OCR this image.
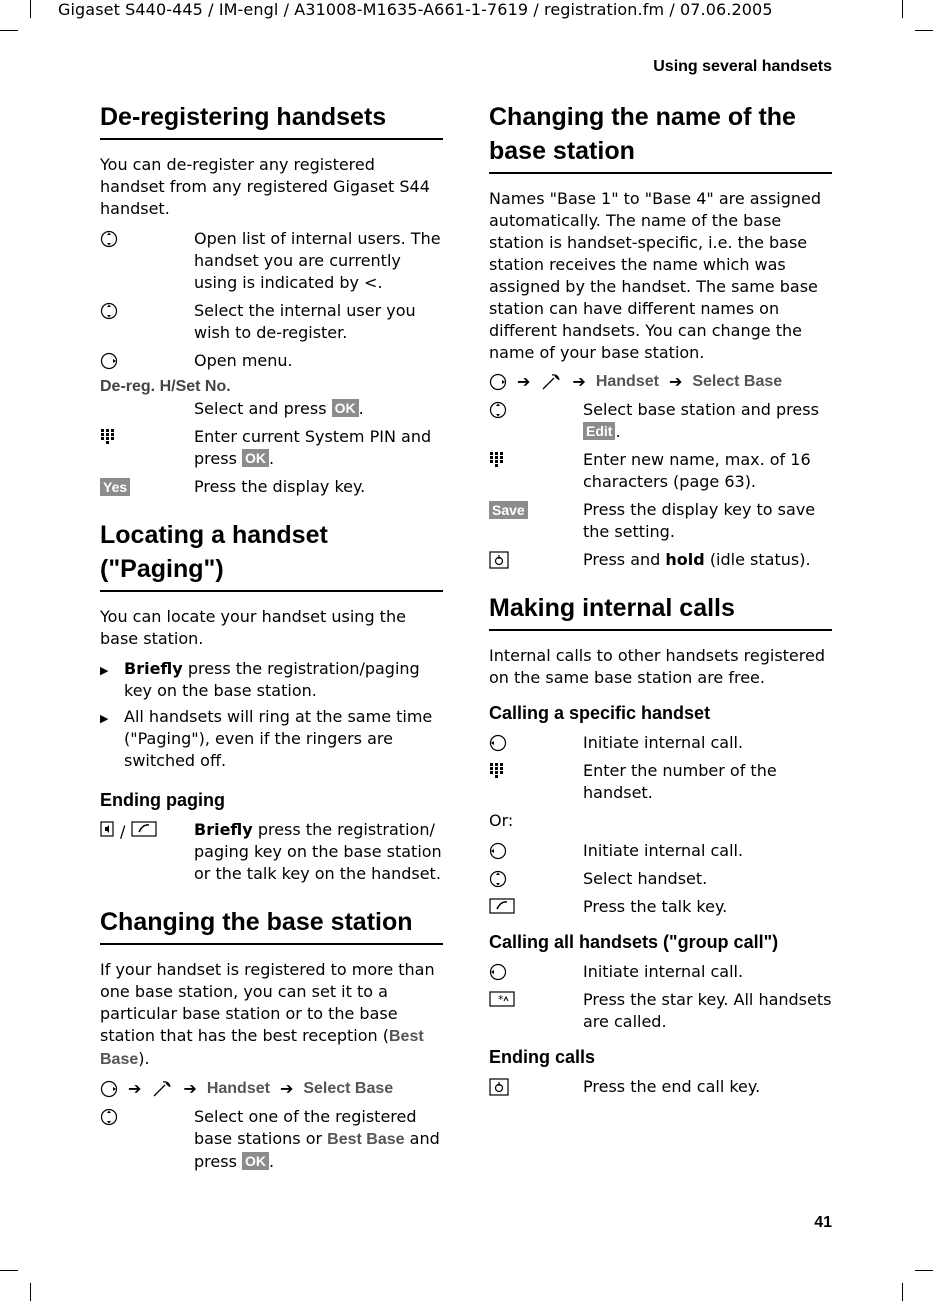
Gigaset S440-445 / IM-engl / A31008-M1635-A661-1-7619 / registration.fm / 07.06.2005
Using several handsets
41
De-registering handsets

You can de-register any registered handset from any registered Gigaset S44 handset.

Open list of internal users. The handset you are currently using is indicated by <.
Select the internal user you wish to de-register.
Open menu.
De-reg. H/Set No.
Select and press OK .
Enter current System PIN and press OK .
Yes	Press the display key.
Locating a handset ("Paging")

You can locate your handset using the base station.

▶ Briefly press the registration/paging key on the base station.
▶ All handsets will ring at the same time ("Paging"), even if the ringers are switched off.
Ending paging
/	Briefly press the registration/ paging key on the base station or the talk key on the handset.
Changing the base station

If your handset is registered to more than one base station, you can set it to a particular base station or to the base station that has the best reception (Best Base).

➔	➔ Handset ➔ Select Base
Select one of the registered base stations or Best Base and press OK .
Changing the name of the base station

Names "Base 1" to "Base 4" are assigned automatically. The name of the base station is handset-specific, i.e. the base station receives the name which was assigned by the handset. The same base station can have different names on different handsets. You can change the name of your base station.

➔	➔ Handset ➔ Select Base
Select base station and press Edit .
Enter new name, max. of 16 characters (page 63).
Save	Press the display key to save the setting.
Press and hold (idle status).
Making internal calls

Internal calls to other handsets registered on the same base station are free.

Calling a specific handset
Initiate internal call.
Enter the number of the handset.

Or:

Initiate internal call.
Select handset.
Press the talk key.
Calling all handsets ("group call")
Initiate internal call.
*	Press the star key. All handsets are called.
Ending calls
Press the end call key.
